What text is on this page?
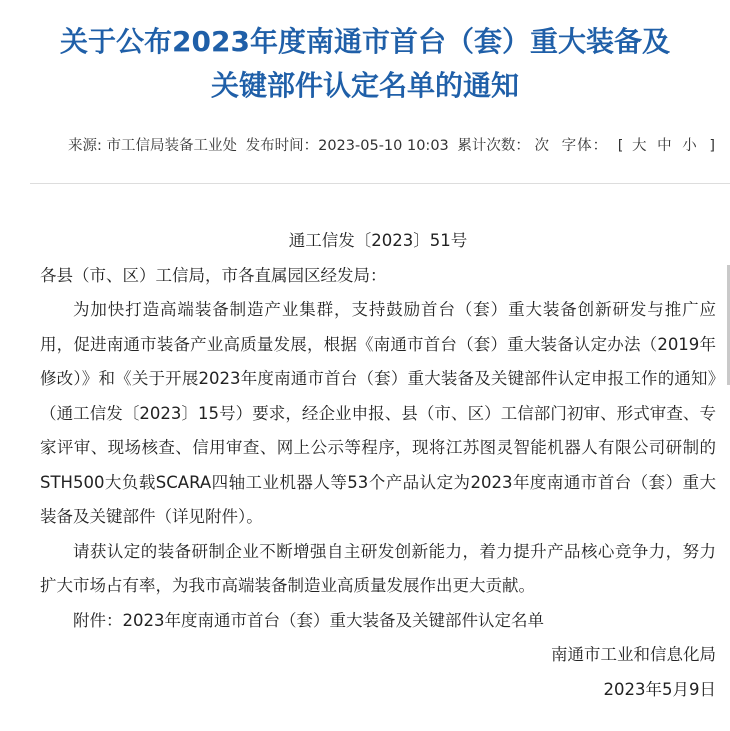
关于公布2023年度南通市首台（套）重大装备及
关键部件认定名单的通知
来源: 市工信局装备工业处 发布时间：2023-05-10 10:03 累计次数： 次 字体： [ 大 中 小 ]

通工信发〔2023〕51号

各县（市、区）工信局，市各直属园区经发局：

为加快打造高端装备制造产业集群，支持鼓励首台（套）重大装备创新研发与推广应用，促进南通市装备产业高质量发展，根据《南通市首台（套）重大装备认定办法（2019年修改）》和《关于开展2023年度南通市首台（套）重大装备及关键部件认定申报工作的通知》（通工信发〔2023〕15号）要求，经企业申报、县（市、区）工信部门初审、形式审查、专家评审、现场核查、信用审查、网上公示等程序，现将江苏图灵智能机器人有限公司研制的STH500大负载SCARA四轴工业机器人等53个产品认定为2023年度南通市首台（套）重大装备及关键部件（详见附件）。

请获认定的装备研制企业不断增强自主研发创新能力，着力提升产品核心竞争力，努力扩大市场占有率，为我市高端装备制造业高质量发展作出更大贡献。

附件：2023年度南通市首台（套）重大装备及关键部件认定名单

南通市工业和信息化局

2023年5月9日
